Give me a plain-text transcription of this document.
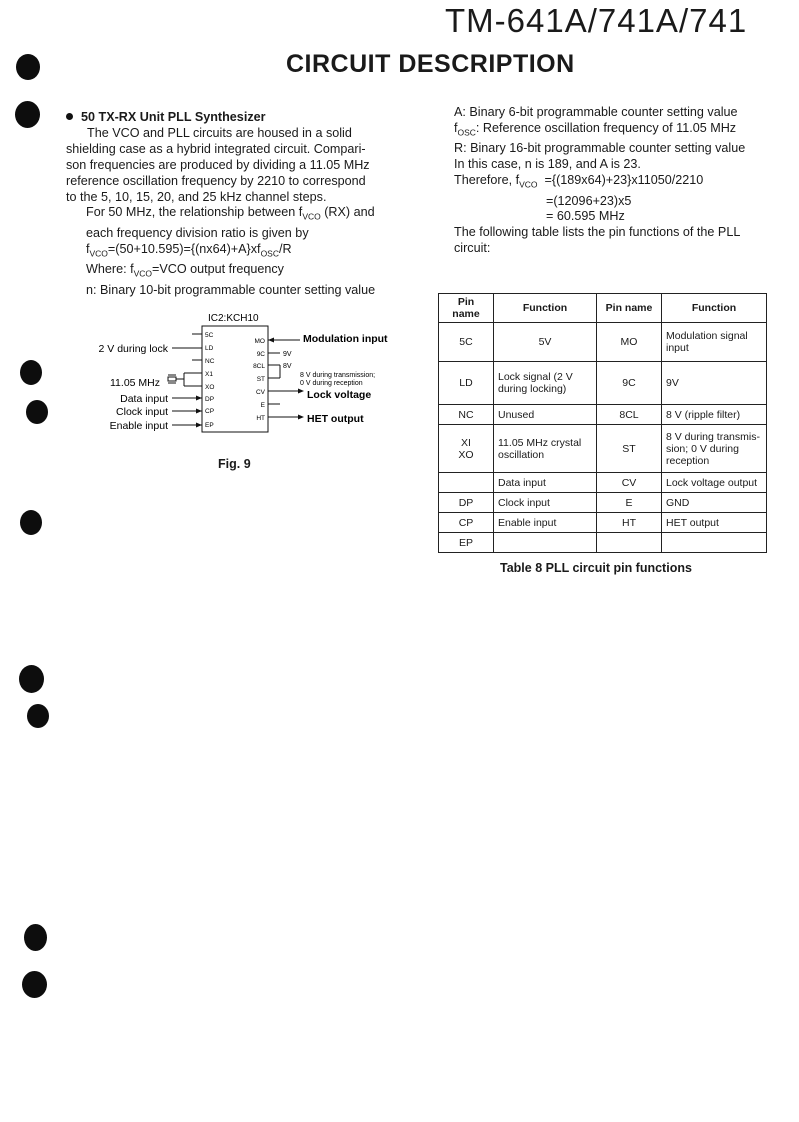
TM-641A/741A/741
CIRCUIT DESCRIPTION

50 TX-RX Unit PLL Synthesizer

The VCO and PLL circuits are housed in a solid

shielding case as a hybrid integrated circuit. Compari-

son frequencies are produced by dividing a 11.05 MHz

reference oscillation frequency by 2210 to correspond

to the 5, 10, 15, 20, and 25 kHz channel steps.

For 50 MHz, the relationship between $f_{VCO}$ (RX) and

each frequency division ratio is given by

$f_{VCO}=(50+10.595)=\{(nx64)+A\}xf_{OSC}/R$

Where: $f_{VCO}=VCO$ output frequency

n: Binary 10-bit programmable counter setting value

A: Binary 6-bit programmable counter setting value

$f_{OSC}$: Reference oscillation frequency of 11.05 MHz

R: Binary 16-bit programmable counter setting value

In this case, n is 189, and A is 23.

Therefore, $f_{VCO} =\{(189x64)+23\}x11050/2210$

=(12096+23)x5

= 60.595 MHz

The following table lists the pin functions of the PLL

circuit:

IC2:KCH10
5C
LD
NC
X1
XO
DP
CP
EP
MO
9C
8CL
ST
CV
E
HT
2 V during lock
11.05 MHz
Data input
Clock input
Enable input
Modulation input
Lock voltage
HET output
9V
8V
8 V during transmission;
0 V during reception
Fig. 9
Pin name	Function	Pin name	Function
5C	5V	MO	Modulation signal input
LD	Lock signal (2 V during locking)	9C	9V
NC	Unused	8CL	8 V (ripple filter)
XI
XO	11.05 MHz crystal oscillation	ST	8 V during transmis- sion; 0 V during reception
	Data input	CV	Lock voltage output
DP	Clock input	E	GND
CP	Enable input	HT	HET output
EP			
Table 8 PLL circuit pin functions
